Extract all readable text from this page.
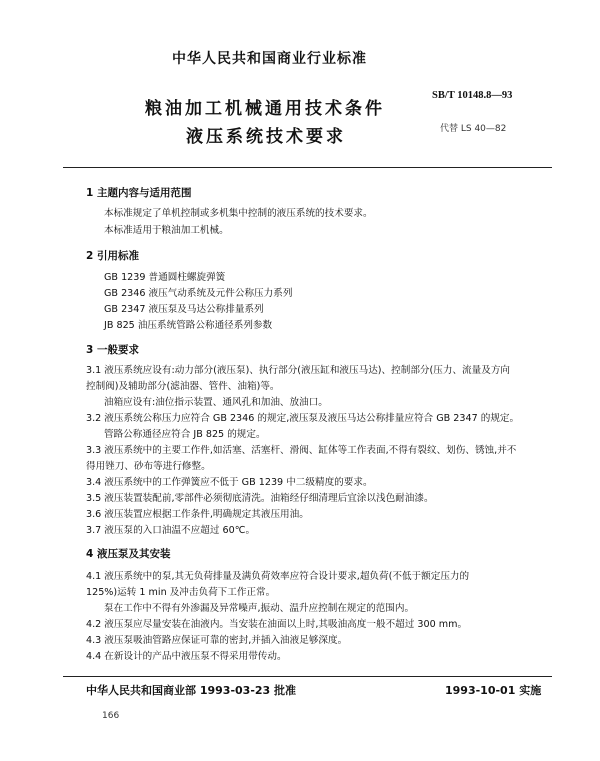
中华人民共和国商业行业标准
粮油加工机械通用技术条件
液压系统技术要求
SB/T 10148.8—93
代替 LS 40—82
1 主题内容与适用范围
本标准规定了单机控制或多机集中控制的液压系统的技术要求。
本标准适用于粮油加工机械。
2 引用标准
GB 1239 普通圆柱螺旋弹簧
GB 2346 液压气动系统及元件公称压力系列
GB 2347 液压泵及马达公称排量系列
JB 825 油压系统管路公称通径系列参数
3 一般要求
3.1 液压系统应设有:动力部分(液压泵)、执行部分(液压缸和液压马达)、控制部分(压力、流量及方向
控制阀)及辅助部分(滤油器、管件、油箱)等。
油箱应设有:油位指示装置、通风孔和加油、放油口。
3.2 液压系统公称压力应符合 GB 2346 的规定,液压泵及液压马达公称排量应符合 GB 2347 的规定。
管路公称通径应符合 JB 825 的规定。
3.3 液压系统中的主要工作件,如活塞、活塞杆、滑阀、缸体等工作表面,不得有裂纹、划伤、锈蚀,并不
得用锉刀、砂布等进行修整。
3.4 液压系统中的工作弹簧应不低于 GB 1239 中二级精度的要求。
3.5 液压装置装配前,零部件必须彻底清洗。油箱经仔细清理后宜涂以浅色耐油漆。
3.6 液压装置应根据工作条件,明确规定其液压用油。
3.7 液压泵的入口油温不应超过 60℃。
4 液压泵及其安装
4.1 液压系统中的泵,其无负荷排量及满负荷效率应符合设计要求,超负荷(不低于额定压力的
125%)运转 1 min 及冲击负荷下工作正常。
泵在工作中不得有外渗漏及异常噪声,振动、温升应控制在规定的范围内。
4.2 液压泵应尽量安装在油液内。当安装在油面以上时,其吸油高度一般不超过 300 mm。
4.3 液压泵吸油管路应保证可靠的密封,并插入油液足够深度。
4.4 在新设计的产品中液压泵不得采用带传动。
中华人民共和国商业部 1993-03-23 批准	1993-10-01 实施
166
